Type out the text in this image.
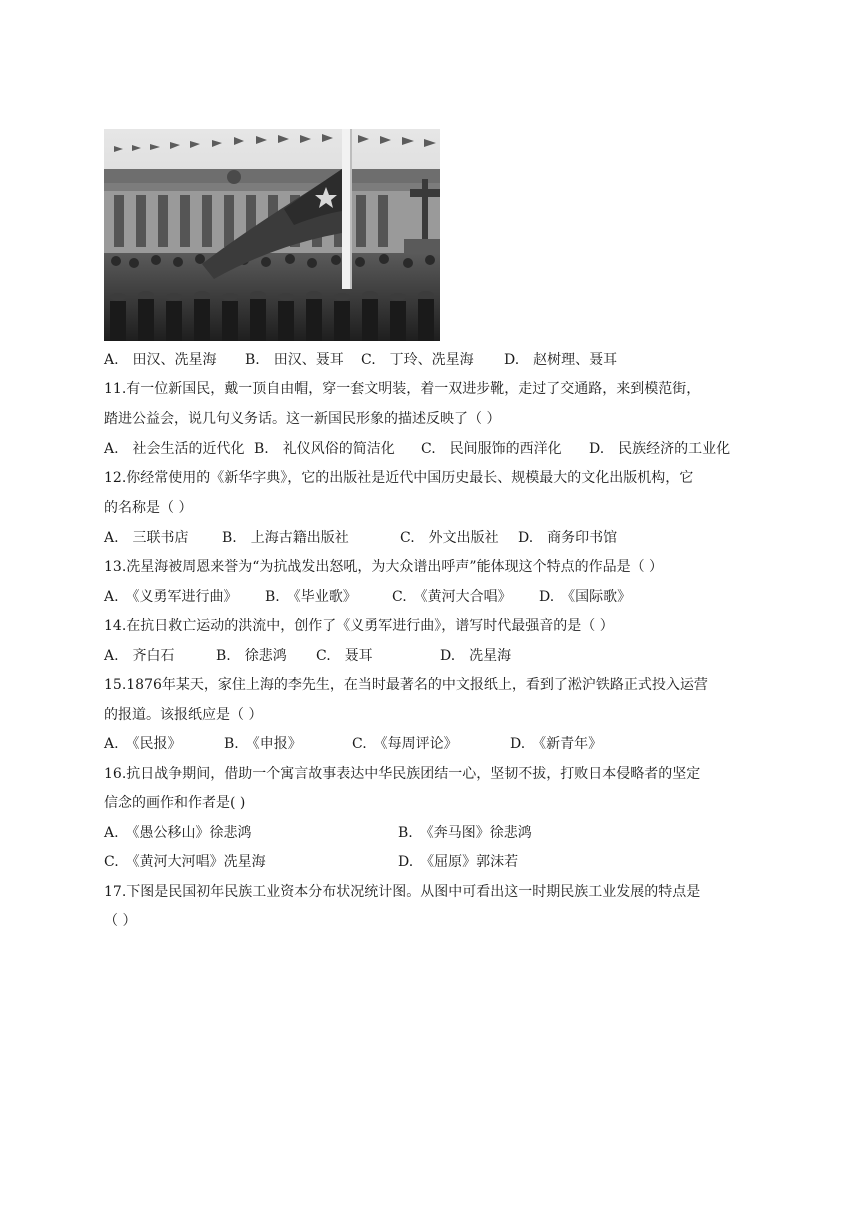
A.　田汉、冼星海 B.　田汉、聂耳 C.　丁玲、冼星海 D.　赵树理、聂耳
11.有一位新国民，戴一顶自由帽，穿一套文明装，着一双进步靴，走过了交通路，来到模范街，
踏进公益会，说几句义务话。这一新国民形象的描述反映了（ ）
A.　社会生活的近代化 B.　礼仪风俗的简洁化 C.　民间服饰的西洋化 D.　民族经济的工业化
12.你经常使用的《新华字典》，它的出版社是近代中国历史最长、规模最大的文化出版机构，它
的名称是（ ）
A.　三联书店 B.　上海古籍出版社	C.　外文出版社 D.　商务印书馆
13.冼星海被周恩来誉为“为抗战发出怒吼，为大众谱出呼声”能体现这个特点的作品是（ ）
A.　《义勇军进行曲》 B.　《毕业歌》	C.　《黄河大合唱》 D.　《国际歌》
14.在抗日救亡运动的洪流中，创作了《义勇军进行曲》，谱写时代最强音的是（ ）
A.　齐白石	B.　徐悲鸿 C.　聂耳	D.　冼星海
15.1876年某天，家住上海的李先生，在当时最著名的中文报纸上，看到了淞沪铁路正式投入运营
的报道。该报纸应是（ ）
A.　《民报》	B.　《申报》	C.　《每周评论》	D.　《新青年》
16.抗日战争期间，借助一个寓言故事表达中华民族团结一心，坚韧不拔，打败日本侵略者的坚定
信念的画作和作者是( )
A.　《愚公移山》徐悲鸿	B.　《奔马图》徐悲鸿
C.　《黄河大河唱》冼星海	D.　《屈原》郭沫若
17.下图是民国初年民族工业资本分布状况统计图。从图中可看出这一时期民族工业发展的特点是
（ ）
